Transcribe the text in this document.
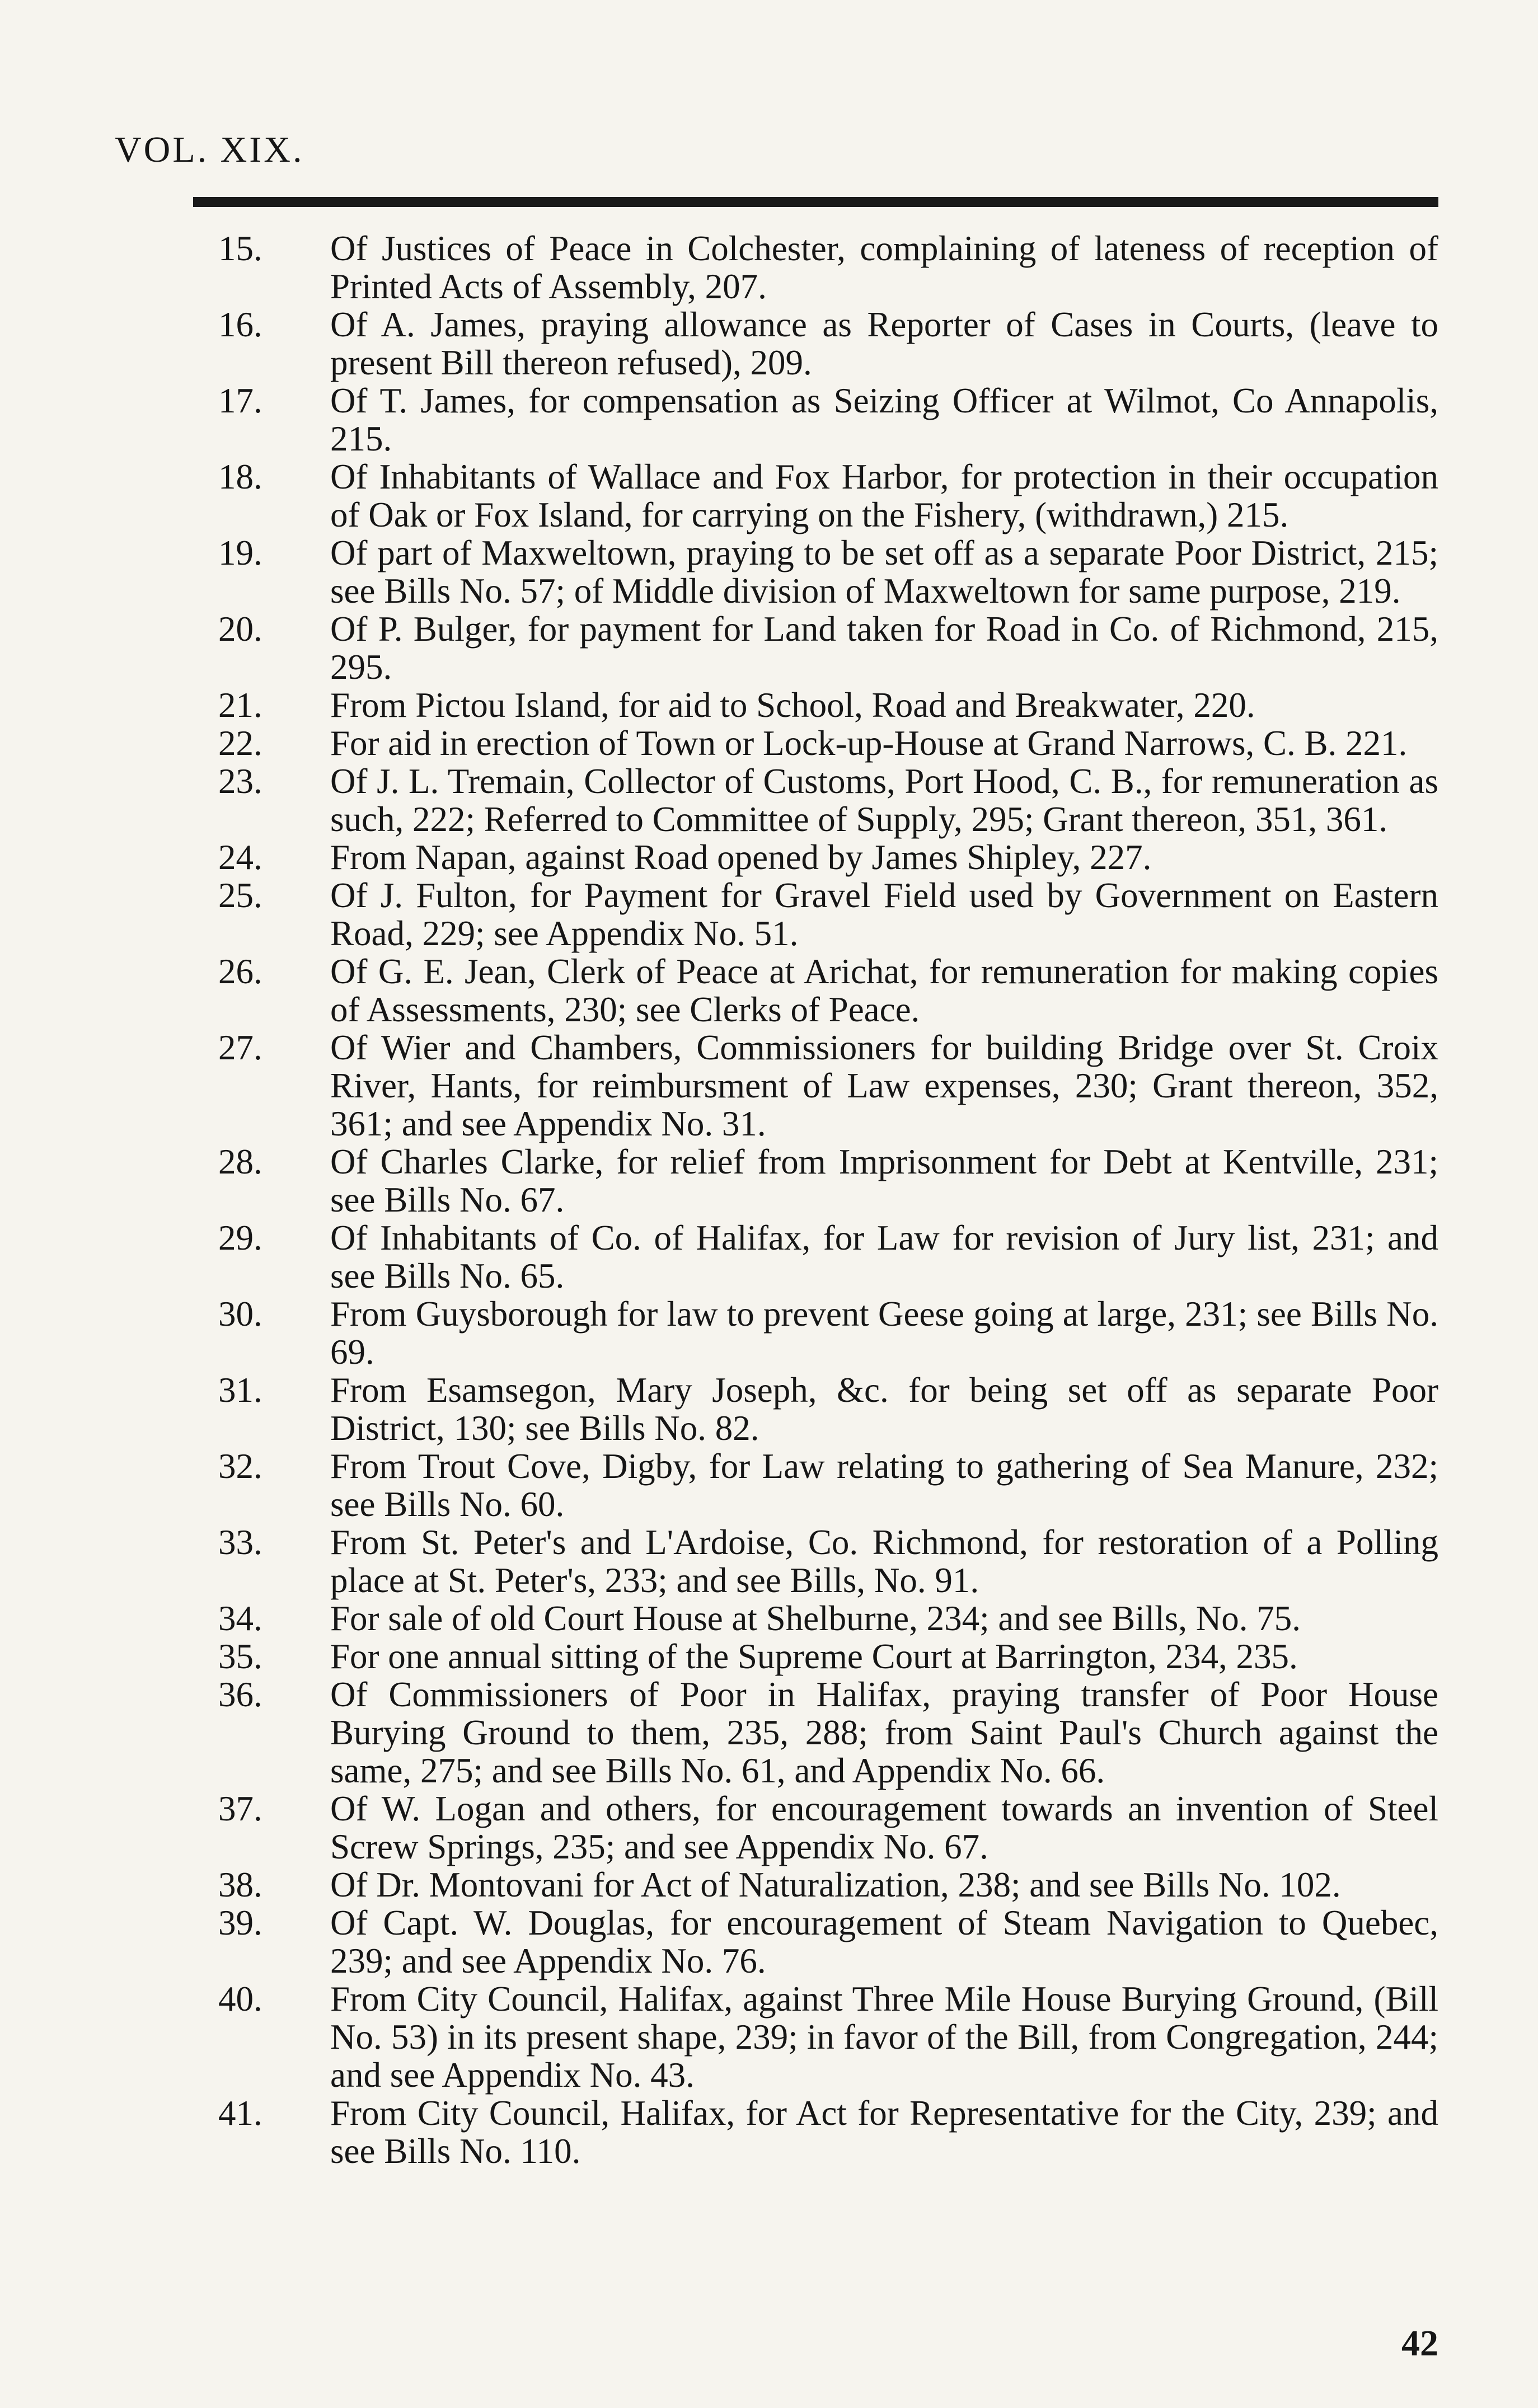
VOL. XIX.
15.	Of Justices of Peace in Colchester, complaining of lateness of reception of Printed Acts of Assembly, 207.
16.	Of A. James, praying allowance as Reporter of Cases in Courts, (leave to present Bill thereon refused), 209.
17.	Of T. James, for compensation as Seizing Officer at Wilmot, Co Annapolis, 215.
18.	Of Inhabitants of Wallace and Fox Harbor, for protection in their occupation of Oak or Fox Island, for carrying on the Fishery, (withdrawn,) 215.
19.	Of part of Maxweltown, praying to be set off as a separate Poor District, 215; see Bills No. 57; of Middle division of Maxweltown for same purpose, 219.
20.	Of P. Bulger, for payment for Land taken for Road in Co. of Richmond, 215, 295.
21.	From Pictou Island, for aid to School, Road and Breakwater, 220.
22.	For aid in erection of Town or Lock-up-House at Grand Narrows, C. B. 221.
23.	Of J. L. Tremain, Collector of Customs, Port Hood, C. B., for remuneration as such, 222; Referred to Committee of Supply, 295; Grant thereon, 351, 361.
24.	From Napan, against Road opened by James Shipley, 227.
25.	Of J. Fulton, for Payment for Gravel Field used by Government on Eastern Road, 229; see Appendix No. 51.
26.	Of G. E. Jean, Clerk of Peace at Arichat, for remuneration for making copies of Assessments, 230; see Clerks of Peace.
27.	Of Wier and Chambers, Commissioners for building Bridge over St. Croix River, Hants, for reimbursment of Law expenses, 230; Grant thereon, 352, 361; and see Appendix No. 31.
28.	Of Charles Clarke, for relief from Imprisonment for Debt at Kentville, 231; see Bills No. 67.
29.	Of Inhabitants of Co. of Halifax, for Law for revision of Jury list, 231; and see Bills No. 65.
30.	From Guysborough for law to prevent Geese going at large, 231; see Bills No. 69.
31.	From Esamsegon, Mary Joseph, &c. for being set off as separate Poor District, 130; see Bills No. 82.
32.	From Trout Cove, Digby, for Law relating to gathering of Sea Manure, 232; see Bills No. 60.
33.	From St. Peter's and L'Ardoise, Co. Richmond, for restoration of a Polling place at St. Peter's, 233; and see Bills, No. 91.
34.	For sale of old Court House at Shelburne, 234; and see Bills, No. 75.
35.	For one annual sitting of the Supreme Court at Barrington, 234, 235.
36.	Of Commissioners of Poor in Halifax, praying transfer of Poor House Burying Ground to them, 235, 288; from Saint Paul's Church against the same, 275; and see Bills No. 61, and Appendix No. 66.
37.	Of W. Logan and others, for encouragement towards an invention of Steel Screw Springs, 235; and see Appendix No. 67.
38.	Of Dr. Montovani for Act of Naturalization, 238; and see Bills No. 102.
39.	Of Capt. W. Douglas, for encouragement of Steam Navigation to Quebec, 239; and see Appendix No. 76.
40.	From City Council, Halifax, against Three Mile House Burying Ground, (Bill No. 53) in its present shape, 239; in favor of the Bill, from Congregation, 244; and see Appendix No. 43.
41.	From City Council, Halifax, for Act for Representative for the City, 239; and see Bills No. 110.
42
